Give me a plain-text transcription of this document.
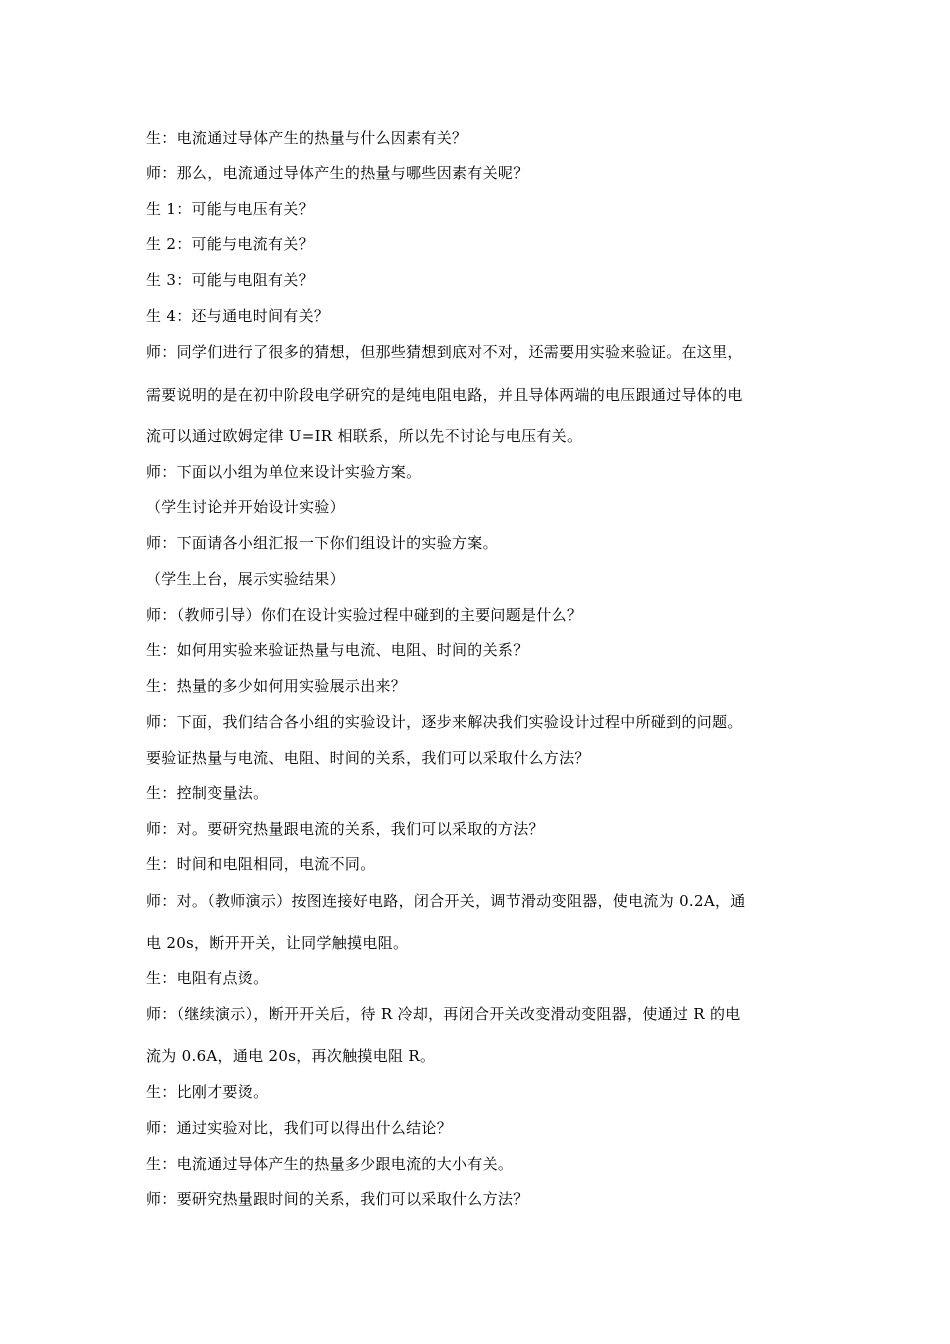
生：电流通过导体产生的热量与什么因素有关？
师：那么，电流通过导体产生的热量与哪些因素有关呢？
生 1：可能与电压有关？
生 2：可能与电流有关？
生 3：可能与电阻有关？
生 4：还与通电时间有关？
师：同学们进行了很多的猜想，但那些猜想到底对不对，还需要用实验来验证。在这里，
需要说明的是在初中阶段电学研究的是纯电阻电路，并且导体两端的电压跟通过导体的电
流可以通过欧姆定律 U=IR 相联系，所以先不讨论与电压有关。
师：下面以小组为单位来设计实验方案。
（学生讨论并开始设计实验）
师：下面请各小组汇报一下你们组设计的实验方案。
（学生上台，展示实验结果）
师：（教师引导）你们在设计实验过程中碰到的主要问题是什么？
生：如何用实验来验证热量与电流、电阻、时间的关系？
生：热量的多少如何用实验展示出来？
师：下面，我们结合各小组的实验设计，逐步来解决我们实验设计过程中所碰到的问题。
要验证热量与电流、电阻、时间的关系，我们可以采取什么方法？
生：控制变量法。
师：对。要研究热量跟电流的关系，我们可以采取的方法？
生：时间和电阻相同，电流不同。
师：对。（教师演示）按图连接好电路，闭合开关，调节滑动变阻器，使电流为 0.2A，通
电 20s，断开开关，让同学触摸电阻。
生：电阻有点烫。
师：（继续演示），断开开关后，待 R 冷却，再闭合开关改变滑动变阻器，使通过 R 的电
流为 0.6A，通电 20s，再次触摸电阻 R。
生：比刚才要烫。
师：通过实验对比，我们可以得出什么结论？
生：电流通过导体产生的热量多少跟电流的大小有关。
师：要研究热量跟时间的关系，我们可以采取什么方法？
